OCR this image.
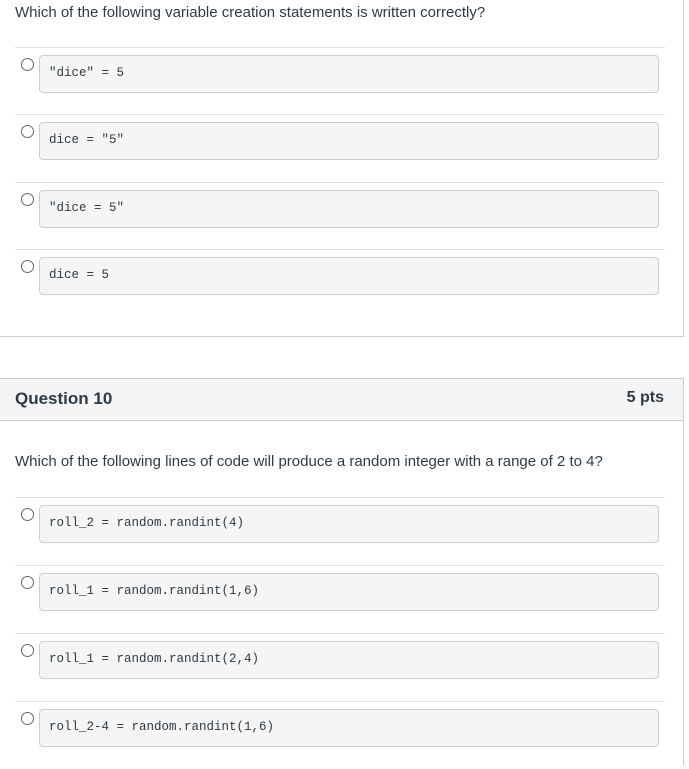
Which of the following variable creation statements is written correctly?
"dice" = 5
dice = "5"
"dice = 5"
dice = 5
Question 10	5 pts
Which of the following lines of code will produce a random integer with a range of 2 to 4?
roll_2 = random.randint(4)
roll_1 = random.randint(1,6)
roll_1 = random.randint(2,4)
roll_2-4 = random.randint(1,6)
